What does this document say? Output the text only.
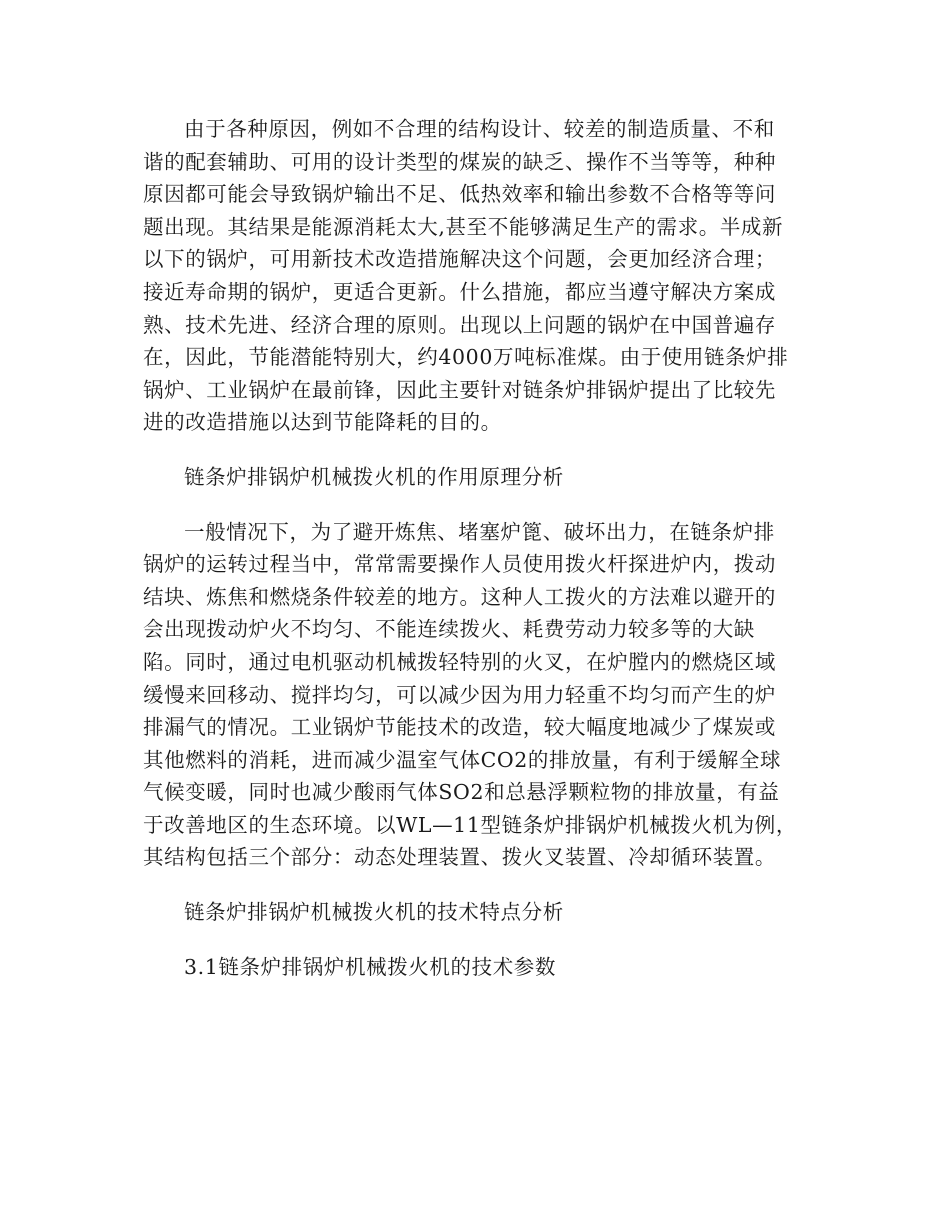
由于各种原因，例如不合理的结构设计、较差的制造质量、不和
谐的配套辅助、可用的设计类型的煤炭的缺乏、操作不当等等，种种
原因都可能会导致锅炉输出不足、低热效率和输出参数不合格等等问
题出现。其结果是能源消耗太大,甚至不能够满足生产的需求。半成新
以下的锅炉，可用新技术改造措施解决这个问题，会更加经济合理；
接近寿命期的锅炉，更适合更新。什么措施，都应当遵守解决方案成
熟、技术先进、经济合理的原则。出现以上问题的锅炉在中国普遍存
在，因此，节能潜能特别大，约4000万吨标准煤。由于使用链条炉排
锅炉、工业锅炉在最前锋，因此主要针对链条炉排锅炉提出了比较先
进的改造措施以达到节能降耗的目的。

链条炉排锅炉机械拨火机的作用原理分析

一般情况下，为了避开炼焦、堵塞炉篦、破坏出力，在链条炉排
锅炉的运转过程当中，常常需要操作人员使用拨火杆探进炉内，拨动
结块、炼焦和燃烧条件较差的地方。这种人工拨火的方法难以避开的
会出现拨动炉火不均匀、不能连续拨火、耗费劳动力较多等的大缺
陷。同时，通过电机驱动机械拨轻特别的火叉，在炉膛内的燃烧区域
缓慢来回移动、搅拌均匀，可以减少因为用力轻重不均匀而产生的炉
排漏气的情况。工业锅炉节能技术的改造，较大幅度地减少了煤炭或
其他燃料的消耗，进而减少温室气体CO2的排放量，有利于缓解全球
气候变暖，同时也减少酸雨气体SO2和总悬浮颗粒物的排放量，有益
于改善地区的生态环境。以WL—11型链条炉排锅炉机械拨火机为例，
其结构包括三个部分：动态处理装置、拨火叉装置、冷却循环装置。

链条炉排锅炉机械拨火机的技术特点分析

3.1链条炉排锅炉机械拨火机的技术参数
